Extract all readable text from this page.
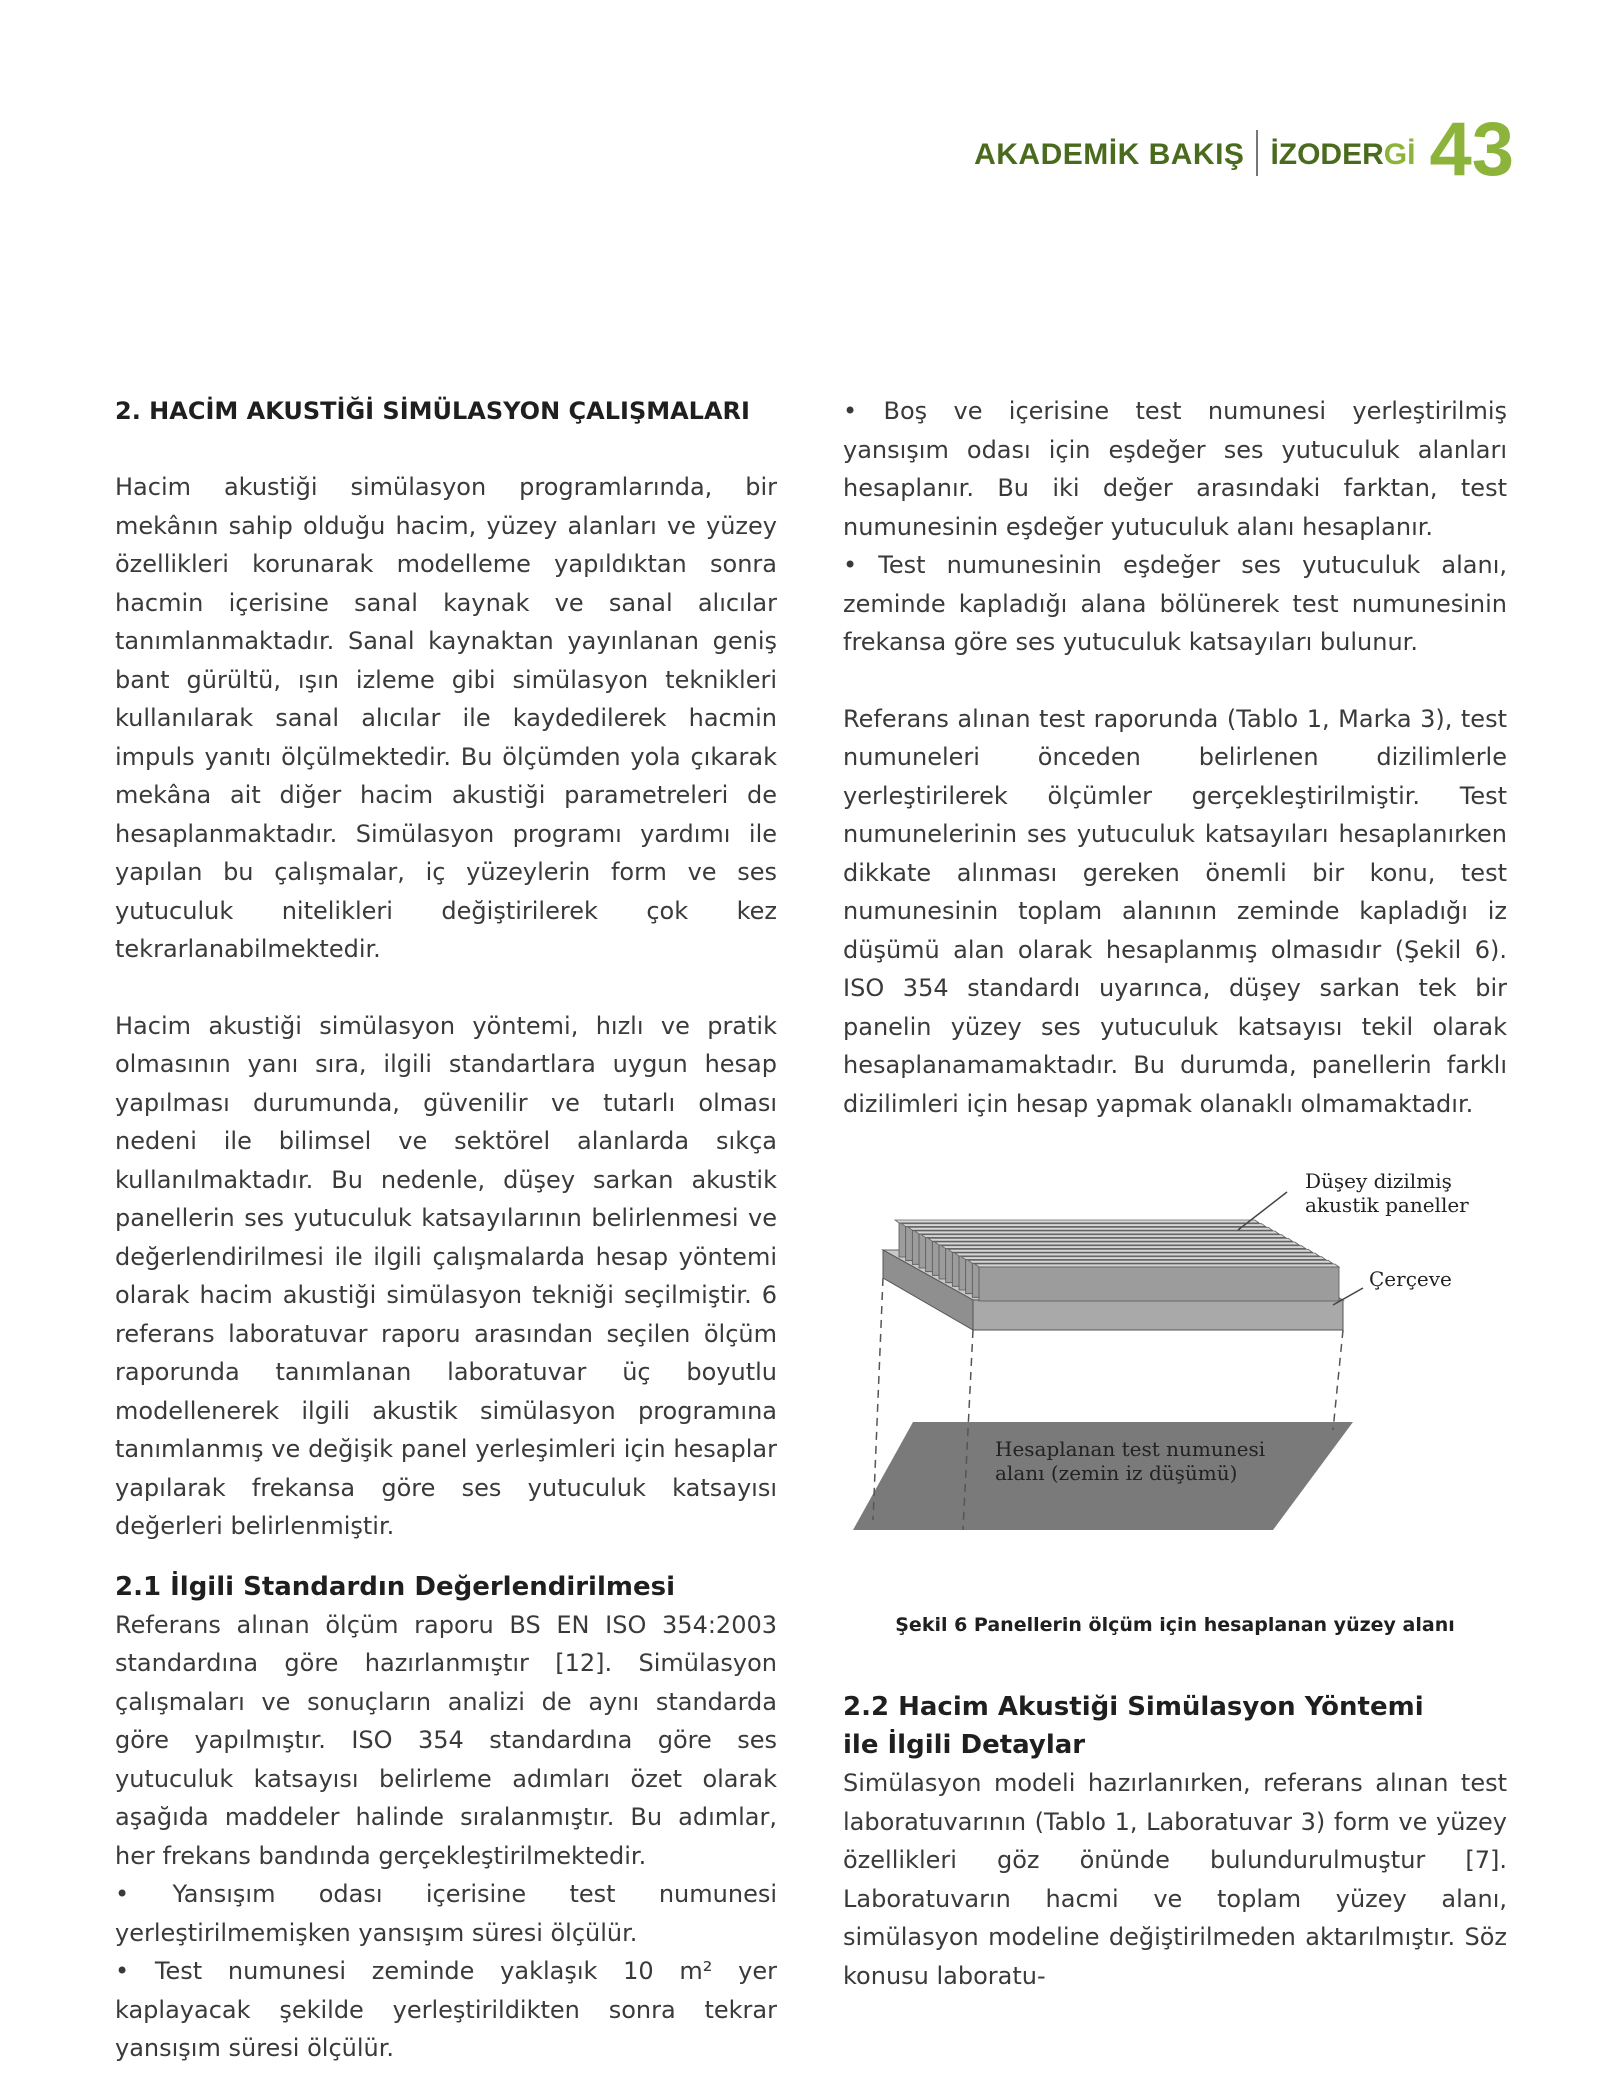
AKADEMİK BAKIŞ İZODERGİ 43

2. HACİM AKUSTİĞİ SİMÜLASYON ÇALIŞMALARI

Hacim akustiği simülasyon programlarında, bir mekânın sahip olduğu hacim, yüzey alanları ve yüzey özellikleri korunarak modelleme yapıldıktan sonra hacmin içerisine sanal kaynak ve sanal alıcılar tanımlanmaktadır. Sanal kaynaktan yayınlanan geniş bant gürültü, ışın izleme gibi simülasyon teknikleri kullanılarak sanal alıcılar ile kaydedilerek hacmin impuls yanıtı ölçülmektedir. Bu ölçümden yola çıkarak mekâna ait diğer hacim akustiği parametreleri de hesaplanmaktadır. Simülasyon programı yardımı ile yapılan bu çalışmalar, iç yüzeylerin form ve ses yutuculuk nitelikleri değiştirilerek çok kez tekrarlanabilmektedir.

Hacim akustiği simülasyon yöntemi, hızlı ve pratik olmasının yanı sıra, ilgili standartlara uygun hesap yapılması durumunda, güvenilir ve tutarlı olması nedeni ile bilimsel ve sektörel alanlarda sıkça kullanılmaktadır. Bu nedenle, düşey sarkan akustik panellerin ses yutuculuk katsayılarının belirlenmesi ve değerlendirilmesi ile ilgili çalışmalarda hesap yöntemi olarak hacim akustiği simülasyon tekniği seçilmiştir. 6 referans laboratuvar raporu arasından seçilen ölçüm raporunda tanımlanan laboratuvar üç boyutlu modellenerek ilgili akustik simülasyon programına tanımlanmış ve değişik panel yerleşimleri için hesaplar yapılarak frekansa göre ses yutuculuk katsayısı değerleri belirlenmiştir.

2.1 İlgili Standardın Değerlendirilmesi

Referans alınan ölçüm raporu BS EN ISO 354:2003 standardına göre hazırlanmıştır [12]. Simülasyon çalışmaları ve sonuçların analizi de aynı standarda göre yapılmıştır. ISO 354 standardına göre ses yutuculuk katsayısı belirleme adımları özet olarak aşağıda maddeler halinde sıralanmıştır. Bu adımlar, her frekans bandında gerçekleştirilmektedir.

• Yansışım odası içerisine test numunesi yerleştirilmemişken yansışım süresi ölçülür.

• Test numunesi zeminde yaklaşık 10 m² yer kaplayacak şekilde yerleştirildikten sonra tekrar yansışım süresi ölçülür.

• Boş ve içerisine test numunesi yerleştirilmiş yansışım odası için eşdeğer ses yutuculuk alanları hesaplanır. Bu iki değer arasındaki farktan, test numunesinin eşdeğer yutuculuk alanı hesaplanır.

• Test numunesinin eşdeğer ses yutuculuk alanı, zeminde kapladığı alana bölünerek test numunesinin frekansa göre ses yutuculuk katsayıları bulunur.

Referans alınan test raporunda (Tablo 1, Marka 3), test numuneleri önceden belirlenen dizilimlerle yerleştirilerek ölçümler gerçekleştirilmiştir. Test numunelerinin ses yutuculuk katsayıları hesaplanırken dikkate alınması gereken önemli bir konu, test numunesinin toplam alanının zeminde kapladığı iz düşümü alan olarak hesaplanmış olmasıdır (Şekil 6). ISO 354 standardı uyarınca, düşey sarkan tek bir panelin yüzey ses yutuculuk katsayısı tekil olarak hesaplanamamaktadır. Bu durumda, panellerin farklı dizilimleri için hesap yapmak olanaklı olmamaktadır.

Düşey dizilmiş
akustik paneller
Çerçeve
Hesaplanan test numunesi
alanı (zemin iz düşümü)
Şekil 6 Panellerin ölçüm için hesaplanan yüzey alanı

2.2 Hacim Akustiği Simülasyon Yöntemi

ile İlgili Detaylar

Simülasyon modeli hazırlanırken, referans alınan test laboratuvarının (Tablo 1, Laboratuvar 3) form ve yüzey özellikleri göz önünde bulundurulmuştur [7]. Laboratuvarın hacmi ve toplam yüzey alanı, simülasyon modeline değiştirilmeden aktarılmıştır. Söz konusu laboratu-
